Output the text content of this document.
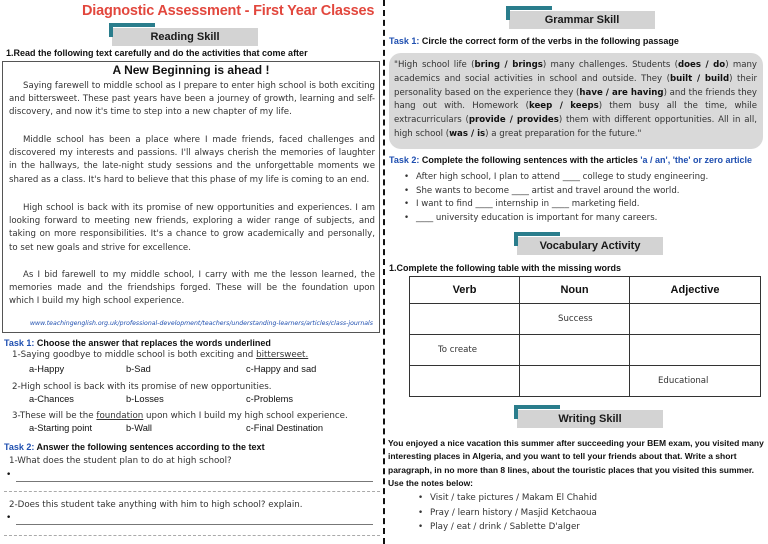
Diagnostic Assessment - First Year Classes
Reading Skill
1.Read the following text carefully and do the activities that come after
A New Beginning is ahead !
Saying farewell to middle school as I prepare to enter high school is both exciting and bittersweet. These past years have been a journey of growth, learning and self-discovery, and now it's time to step into a new chapter of my life.
Middle school has been a place where I made friends, faced challenges and discovered my interests and passions. I'll always cherish the memories of laughter in the hallways, the late-night study sessions and the unforgettable moments we shared as a class. It's hard to believe that this phase of my life is coming to an end.
High school is back with its promise of new opportunities and experiences. I am looking forward to meeting new friends, exploring a wider range of subjects, and taking on more responsibilities. It's a chance to grow academically and personally, to set new goals and strive for excellence.
As I bid farewell to my middle school, I carry with me the lesson learned, the memories made and the friendships forged. These will be the foundation upon which I build my high school experience.
www.teachingenglish.org.uk/professional-development/teachers/understanding-learners/articles/class-journals
Task 1: Choose the answer that replaces the words underlined
1-Saying goodbye to middle school is both exciting and bittersweet.
a-Happy	b-Sad	c-Happy and sad
2-High school is back with its promise of new opportunities.
a-Chances	b-Losses	c-Problems
3-These will be the foundation upon which I build my high school experience.
a-Starting point	b-Wall	c-Final Destination
Task 2: Answer the following sentences according to the text
1-What does the student plan to do at high school?
•
2-Does this student take anything with him to high school? explain.
•
Grammar Skill
Task 1: Circle the correct form of the verbs in the following passage
"High school life (bring / brings) many challenges. Students (does / do) many academics and social activities in school and outside. They (built / build) their personality based on the experience they (have / are having) and the friends they hang out with. Homework (keep / keeps) them busy all the time, while extracurriculars (provide / provides) them with different opportunities. All in all, high school (was / is) a great preparation for the future."
Task 2: Complete the following sentences with the articles 'a / an', 'the' or zero article
• After high school, I plan to attend ____ college to study engineering.
• She wants to become ____ artist and travel around the world.
• I want to find ____ internship in ____ marketing field.
• ____ university education is important for many careers.
Vocabulary Activity
1.Complete the following table with the missing words
Verb	Noun	Adjective
	Success	
To create		
		Educational
Writing Skill
You enjoyed a nice vacation this summer after succeeding your BEM exam, you visited many interesting places in Algeria, and you want to tell your friends about that. Write a short paragraph, in no more than 8 lines, about the touristic places that you visited this summer. Use the notes below:
• Visit / take pictures / Makam El Chahid
• Pray / learn history / Masjid Ketchaoua
• Play / eat / drink / Sablette D'alger
